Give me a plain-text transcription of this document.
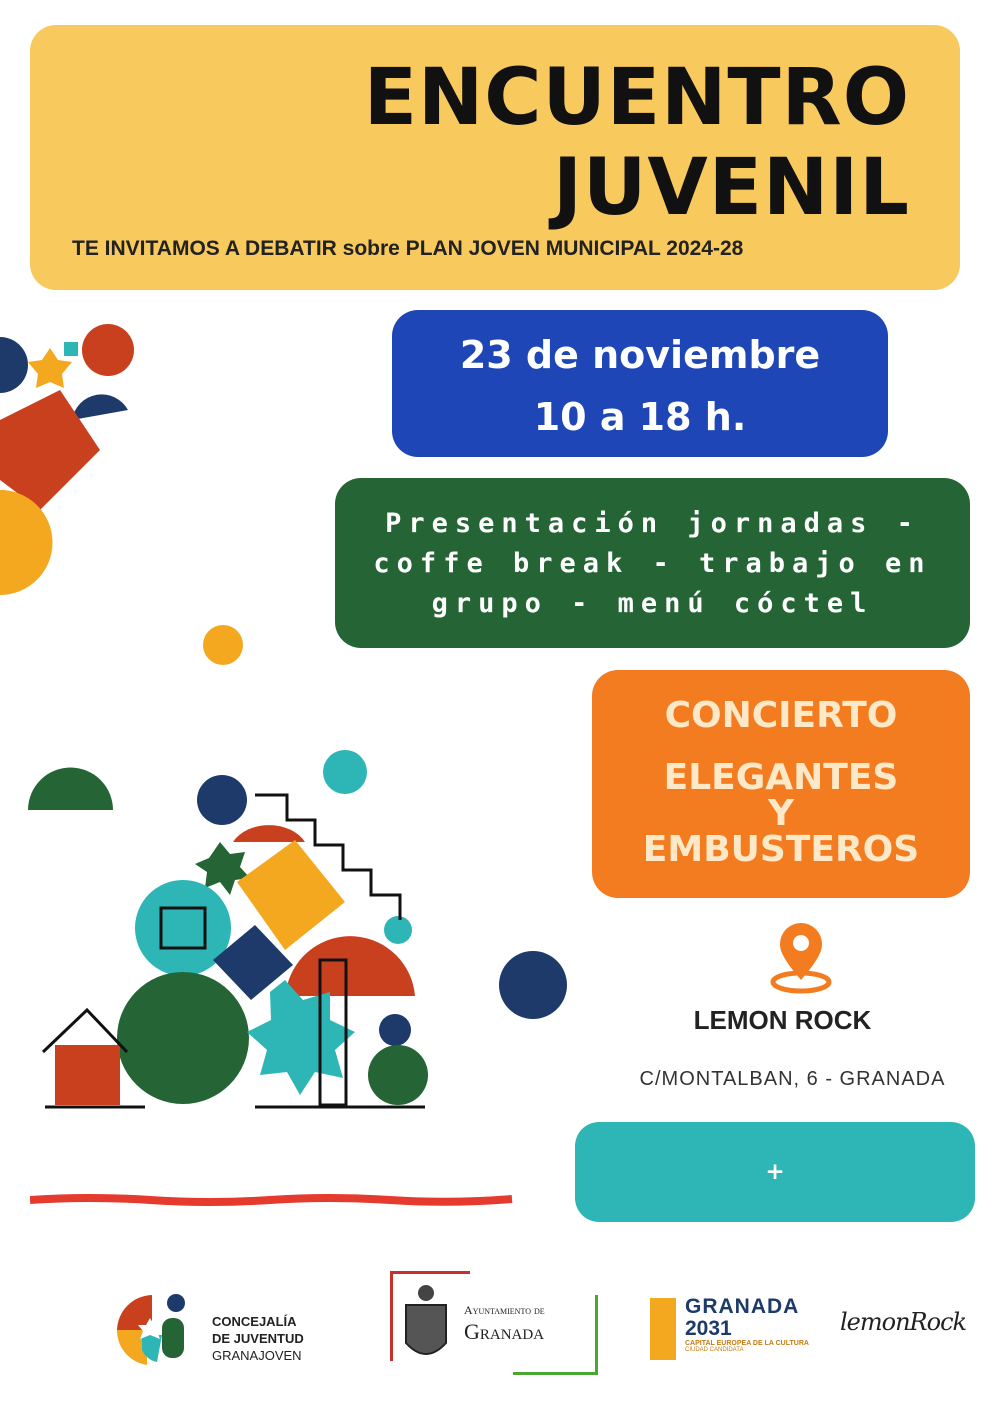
ENCUENTRO
JUVENIL
TE INVITAMOS A DEBATIR sobre PLAN JOVEN MUNICIPAL 2024-28
23 de noviembre
10 a 18 h.
Presentación jornadas -
coffe break - trabajo en
grupo - menú cóctel
CONCIERTO
ELEGANTES
Y
EMBUSTEROS
LEMON ROCK
C/MONTALBAN, 6 - GRANADA
+ info:granajoven.granada.org
CONCEJALÍA
DE JUVENTUD
GRANAJOVEN
Ayuntamiento de
Granada
GRANADA
2031
CAPITAL EUROPEA DE LA CULTURA
CIUDAD CANDIDATA
lemonRock
